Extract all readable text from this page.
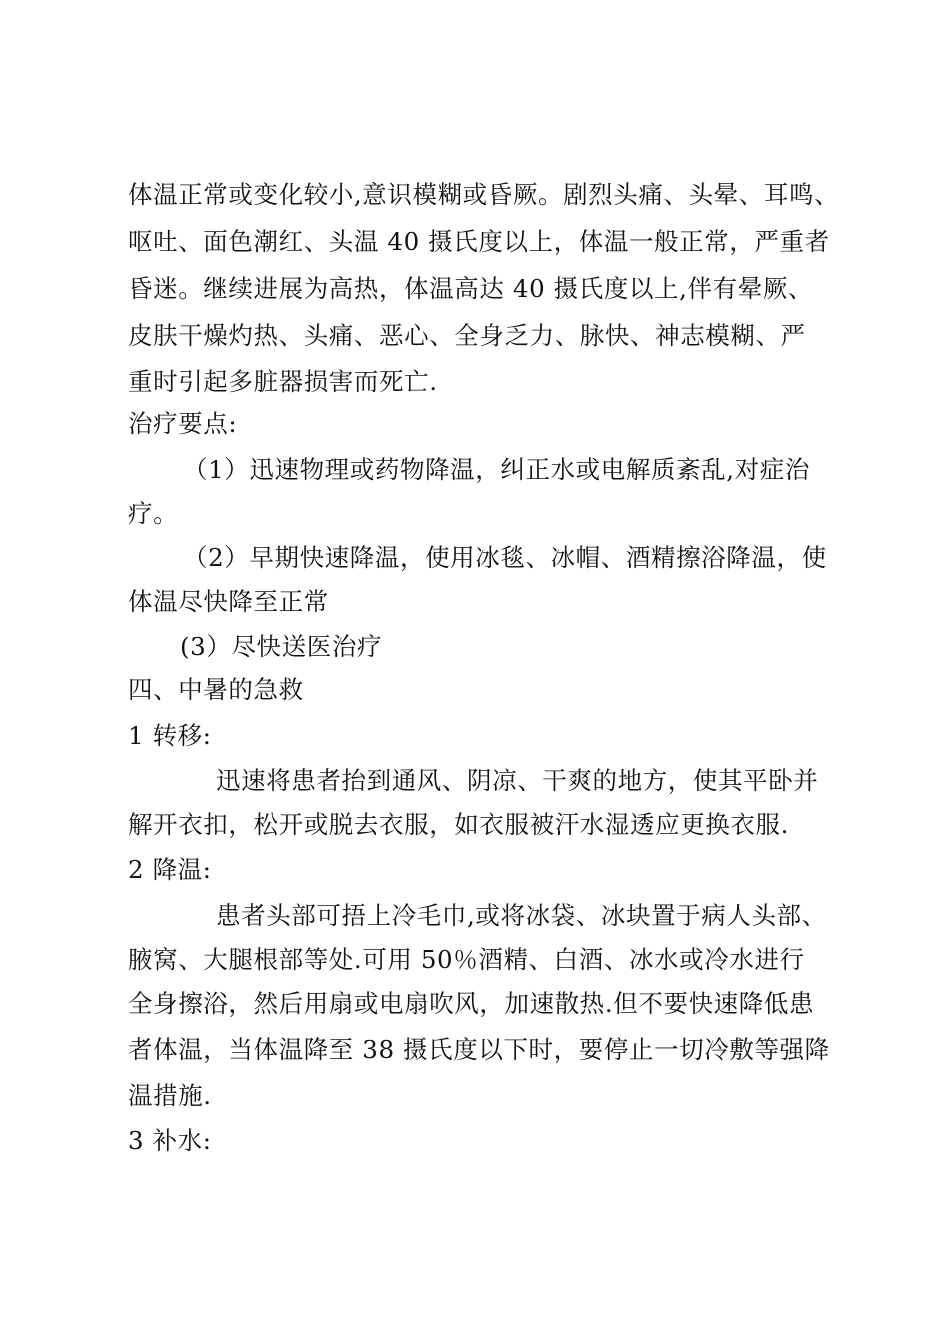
体温正常或变化较小,意识模糊或昏厥。剧烈头痛、头晕、耳鸣、
呕吐、面色潮红、头温 40 摄氏度以上，体温一般正常，严重者
昏迷。继续进展为高热，体温高达 40 摄氏度以上,伴有晕厥、
皮肤干燥灼热、头痛、恶心、全身乏力、脉快、神志模糊、严
重时引起多脏器损害而死亡.
治疗要点:
（1）迅速物理或药物降温，纠正水或电解质紊乱,对症治
疗。
（2）早期快速降温，使用冰毯、冰帽、酒精擦浴降温，使
体温尽快降至正常
(3）尽快送医治疗
四、中暑的急救
1 转移:
迅速将患者抬到通风、阴凉、干爽的地方，使其平卧并
解开衣扣，松开或脱去衣服，如衣服被汗水湿透应更换衣服.
2 降温:
患者头部可捂上冷毛巾,或将冰袋、冰块置于病人头部、
腋窝、大腿根部等处.可用 50％酒精、白酒、冰水或冷水进行
全身擦浴，然后用扇或电扇吹风，加速散热.但不要快速降低患
者体温，当体温降至 38 摄氏度以下时，要停止一切冷敷等强降
温措施.
3 补水:
